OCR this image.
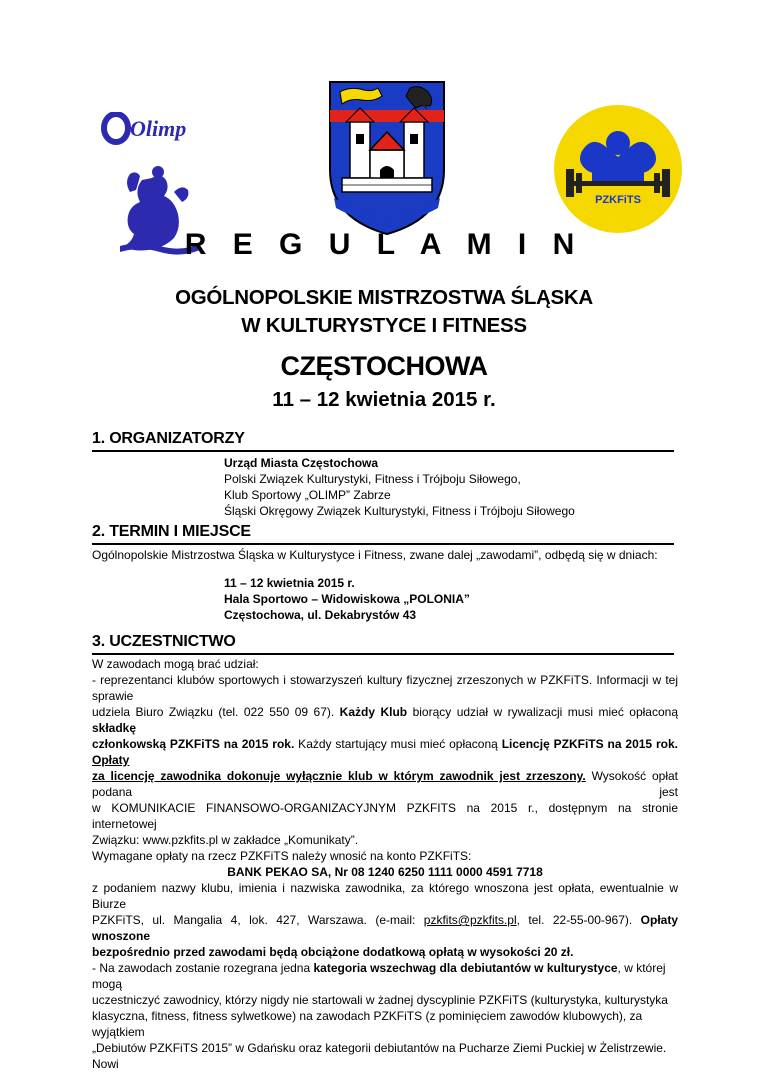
Olimp
PZKFiTS
R E G U L A M I N
OGÓLNOPOLSKIE MISTRZOSTWA ŚLĄSKA
W KULTURYSTYCE I FITNESS
CZĘSTOCHOWA
11 – 12 kwietnia 2015 r.
1. ORGANIZATORZY
Urząd Miasta Częstochowa
Polski Związek Kulturystyki, Fitness i Trójboju Siłowego,
Klub Sportowy „OLIMP” Zabrze
Śląski Okręgowy Związek Kulturystyki, Fitness i Trójboju Siłowego
2. TERMIN I MIEJSCE
Ogólnopolskie Mistrzostwa Śląska w Kulturystyce i Fitness, zwane dalej „zawodami”, odbędą się w dniach:
11 – 12 kwietnia 2015 r.
Hala Sportowo – Widowiskowa „POLONIA”
Częstochowa, ul. Dekabrystów 43
3. UCZESTNICTWO
W zawodach mogą brać udział:
- reprezentanci klubów sportowych i stowarzyszeń kultury fizycznej zrzeszonych w PZKFiTS. Informacji w tej sprawie
udziela Biuro Związku (tel. 022 550 09 67). Każdy Klub biorący udział w rywalizacji musi mieć opłaconą składkę
członkowską PZKFiTS na 2015 rok. Każdy startujący musi mieć opłaconą Licencję PZKFiTS na 2015 rok. Opłaty
za licencję zawodnika dokonuje wyłącznie klub w którym zawodnik jest zrzeszony. Wysokość opłat podana jest
w KOMUNIKACIE FINANSOWO-ORGANIZACYJNYM PZKFITS na 2015 r., dostępnym na stronie internetowej
Związku: www.pzkfits.pl w zakładce „Komunikaty”.
Wymagane opłaty na rzecz PZKFiTS należy wnosić na konto PZKFiTS:
BANK PEKAO SA, Nr 08 1240 6250 1111 0000 4591 7718
z podaniem nazwy klubu, imienia i nazwiska zawodnika, za którego wnoszona jest opłata, ewentualnie w Biurze
PZKFiTS, ul. Mangalia 4, lok. 427, Warszawa. (e-mail: pzkfits@pzkfits.pl, tel. 22-55-00-967). Opłaty wnoszone
bezpośrednio przed zawodami będą obciążone dodatkową opłatą w wysokości 20 zł.
- Na zawodach zostanie rozegrana jedna kategoria wszechwag dla debiutantów w kulturystyce, w której mogą
uczestniczyć zawodnicy, którzy nigdy nie startowali w żadnej dyscyplinie PZKFiTS (kulturystyka, kulturystyka
klasyczna, fitness, fitness sylwetkowe) na zawodach PZKFiTS (z pominięciem zawodów klubowych), za wyjątkiem
„Debiutów PZKFiTS 2015” w Gdańsku oraz kategorii debiutantów na Pucharze Ziemi Puckiej w Żelistrzewie. Nowi
